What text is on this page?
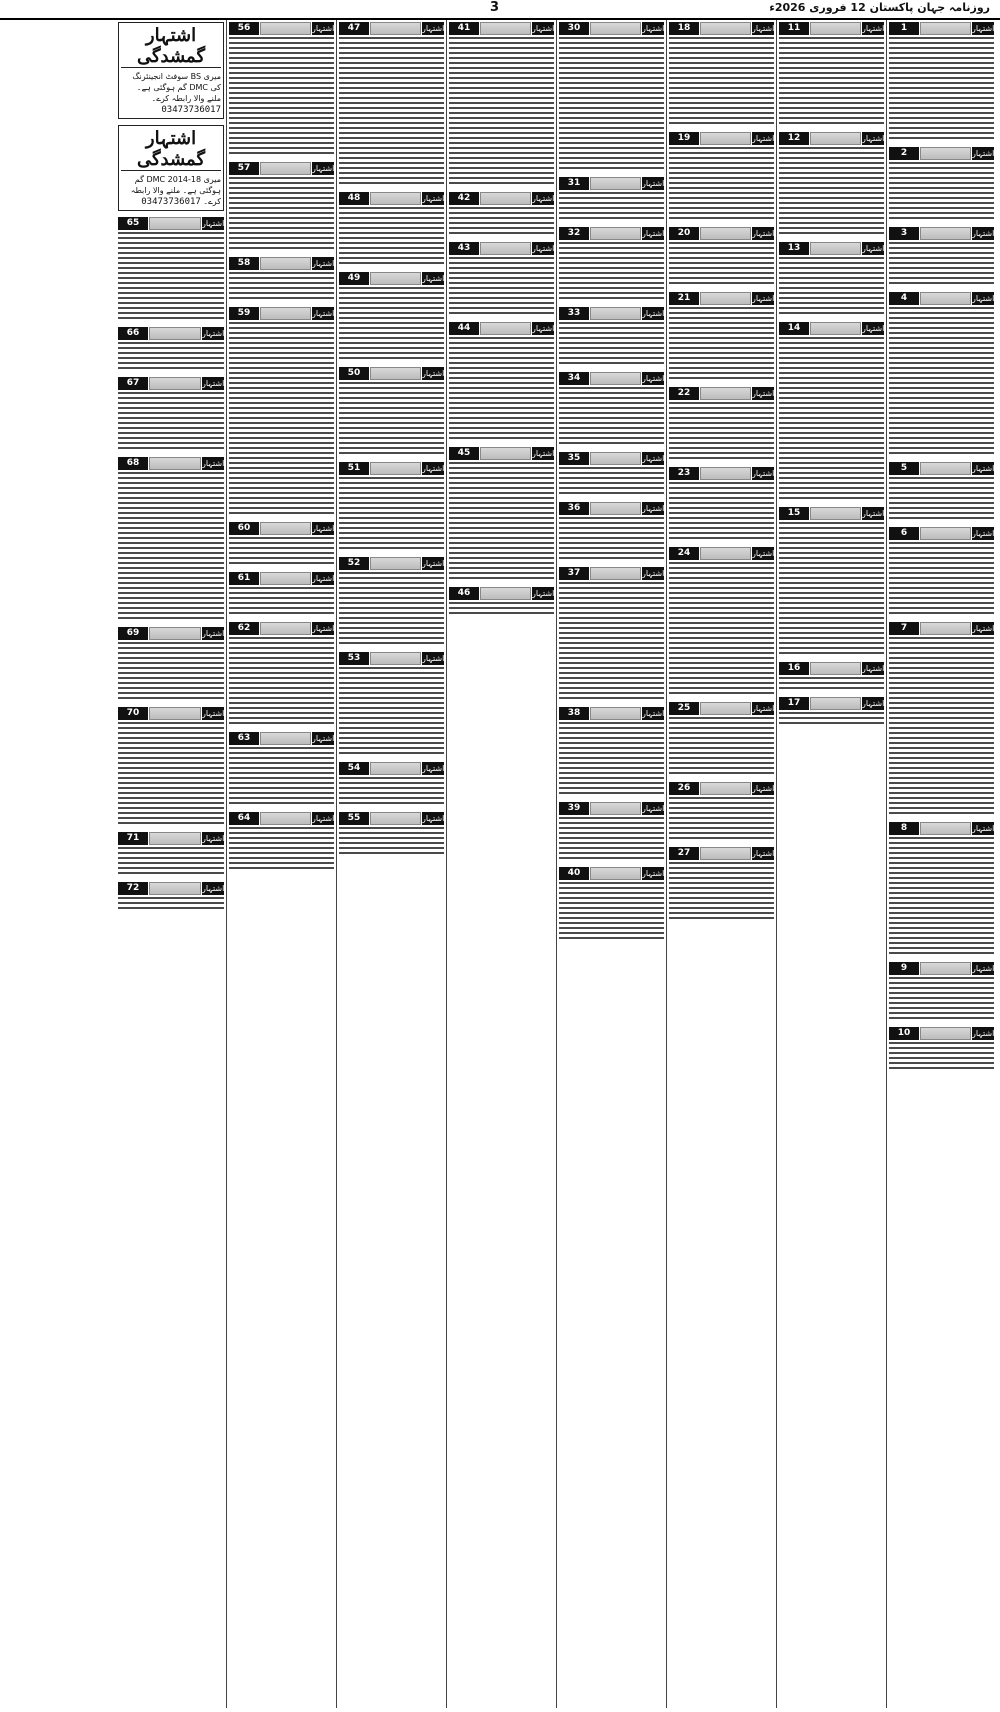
3	روزنامہ جہان پاکستان 12 فروری 2026ء
اشتہار
1
اشتہار
2
اشتہار
3
اشتہار
4
اشتہار
5
اشتہار
6
اشتہار
7
اشتہار
8
اشتہار
9
اشتہار
10
اشتہار
11
اشتہار
12
اشتہار
13
اشتہار
14
اشتہار
15
اشتہار
16
اشتہار
17
اشتہار
18
اشتہار
19
اشتہار
20
اشتہار
21
اشتہار
22
اشتہار
23
اشتہار
24
اشتہار
25
اشتہار
26
اشتہار
27
اشتہار
30
اشتہار
31
اشتہار
32
اشتہار
33
اشتہار
34
اشتہار
35
اشتہار
36
اشتہار
37
اشتہار
38
اشتہار
39
اشتہار
40
اشتہار
41
اشتہار
42
اشتہار
43
اشتہار
44
اشتہار
45
اشتہار
46
اشتہار
47
اشتہار
48
اشتہار
49
اشتہار
50
اشتہار
51
اشتہار
52
اشتہار
53
اشتہار
54
اشتہار
55
اشتہار
56
اشتہار
57
اشتہار
58
اشتہار
59
اشتہار
60
اشتہار
61
اشتہار
62
اشتہار
63
اشتہار
64
اشتہار گمشدگی
میری BS سوفٹ انجینئرنگ کی DMC گم ہوگئی ہے۔ ملنے والا رابطہ کرے۔ 03473736017
اشتہار گمشدگی
میری DMC 2014-18 گم ہوگئی ہے۔ ملنے والا رابطہ کرے۔ 03473736017
اشتہار
65
اشتہار
66
اشتہار
67
اشتہار
68
اشتہار
69
اشتہار
70
اشتہار
71
اشتہار
72
